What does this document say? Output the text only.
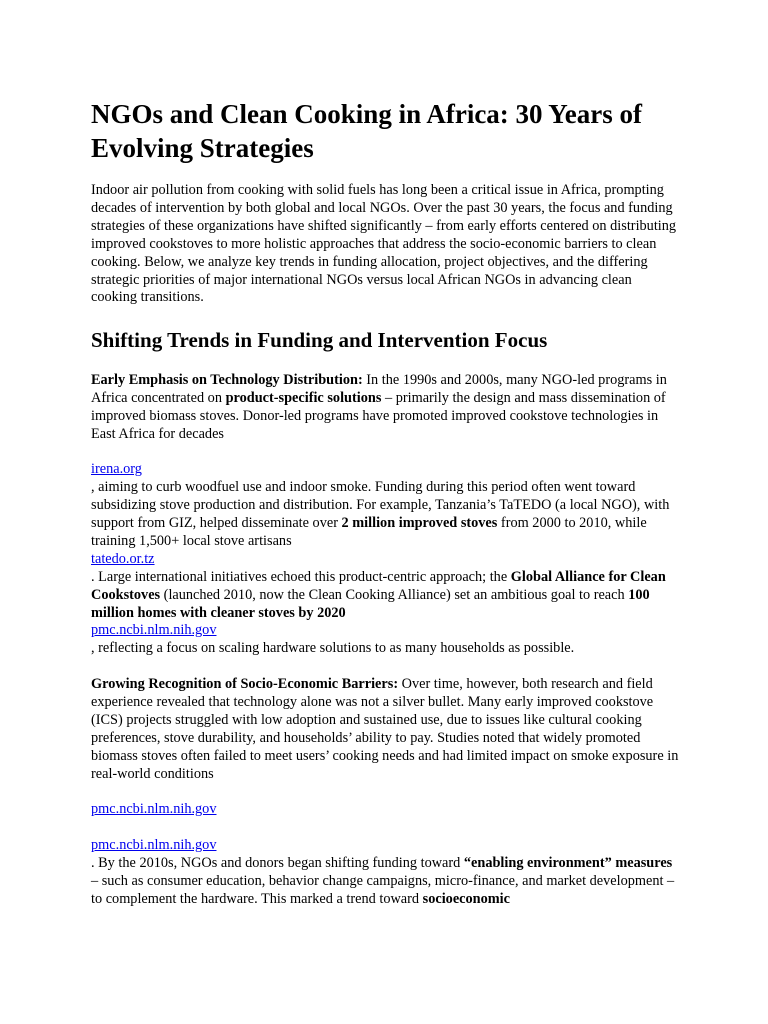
NGOs and Clean Cooking in Africa: 30 Years of Evolving Strategies

Indoor air pollution from cooking with solid fuels has long been a critical issue in Africa, prompting decades of intervention by both global and local NGOs. Over the past 30 years, the focus and funding strategies of these organizations have shifted significantly – from early efforts centered on distributing improved cookstoves to more holistic approaches that address the socio-economic barriers to clean cooking. Below, we analyze key trends in funding allocation, project objectives, and the differing strategic priorities of major international NGOs versus local African NGOs in advancing clean cooking transitions.

Shifting Trends in Funding and Intervention Focus

Early Emphasis on Technology Distribution: In the 1990s and 2000s, many NGO-led programs in Africa concentrated on product-specific solutions – primarily the design and mass dissemination of improved biomass stoves. Donor-led programs have promoted improved cookstove technologies in East Africa for decades

irena.org

, aiming to curb woodfuel use and indoor smoke. Funding during this period often went toward subsidizing stove production and distribution. For example, Tanzania’s TaTEDO (a local NGO), with support from GIZ, helped disseminate over 2 million improved stoves from 2000 to 2010, while training 1,500+ local stove artisans

tatedo.or.tz

. Large international initiatives echoed this product-centric approach; the Global Alliance for Clean Cookstoves (launched 2010, now the Clean Cooking Alliance) set an ambitious goal to reach 100 million homes with cleaner stoves by 2020

pmc.ncbi.nlm.nih.gov

, reflecting a focus on scaling hardware solutions to as many households as possible.

Growing Recognition of Socio-Economic Barriers: Over time, however, both research and field experience revealed that technology alone was not a silver bullet. Many early improved cookstove (ICS) projects struggled with low adoption and sustained use, due to issues like cultural cooking preferences, stove durability, and households’ ability to pay. Studies noted that widely promoted biomass stoves often failed to meet users’ cooking needs and had limited impact on smoke exposure in real-world conditions

pmc.ncbi.nlm.nih.gov
pmc.ncbi.nlm.nih.gov

. By the 2010s, NGOs and donors began shifting funding toward “enabling environment” measures – such as consumer education, behavior change campaigns, micro-finance, and market development – to complement the hardware. This marked a trend toward socioeconomic
